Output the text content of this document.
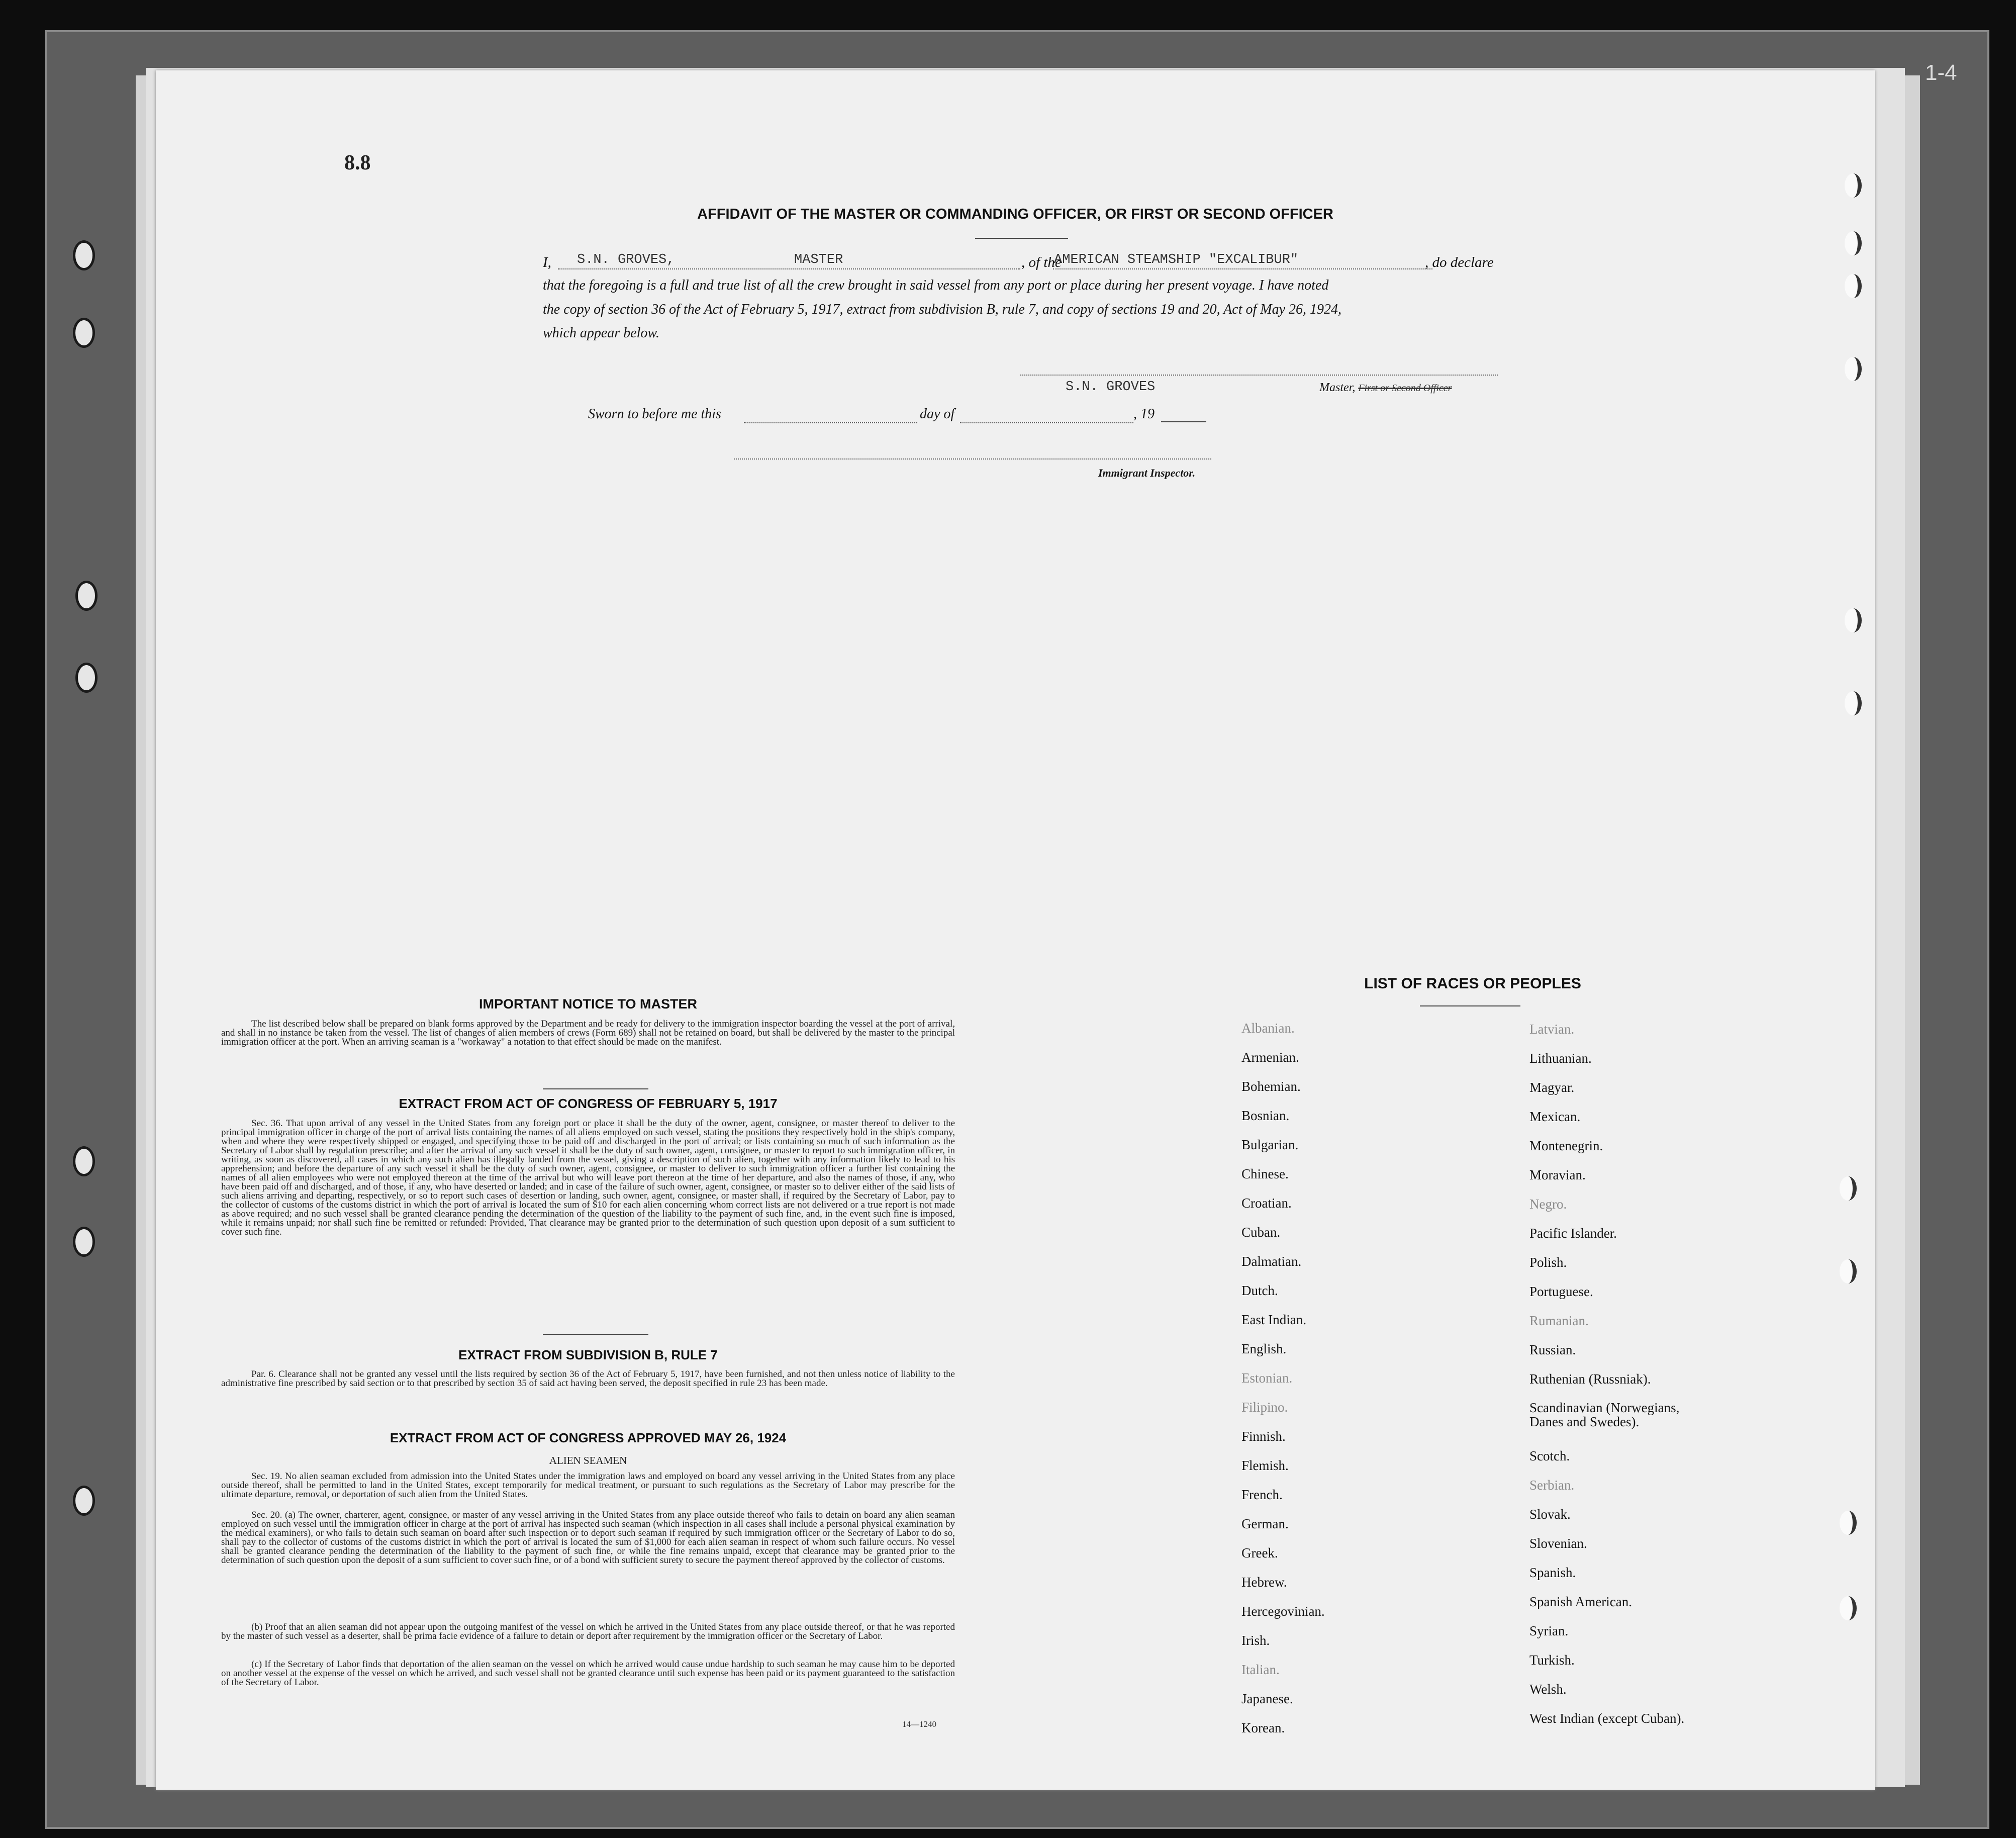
1-4
8.8
AFFIDAVIT OF THE MASTER OR COMMANDING OFFICER, OR FIRST OR SECOND OFFICER
I, S.N. GROVES,	MASTER	, of the
AMERICAN STEAMSHIP "EXCALIBUR"	, do declare
that the foregoing is a full and true list of all the crew brought in said vessel from any port or place during her present voyage. I have noted
the copy of section 36 of the Act of February 5, 1917, extract from subdivision B, rule 7, and copy of sections 19 and 20, Act of May 26, 1924,
which appear below.
S.N. GROVES	Master, First or Second Officer
Sworn to before me this	day of	, 19
Immigrant Inspector.
IMPORTANT NOTICE TO MASTER
The list described below shall be prepared on blank forms approved by the Department and be ready for delivery to the immigration inspector boarding the vessel at the port of arrival, and shall in no instance be taken from the vessel. The list of changes of alien members of crews (Form 689) shall not be retained on board, but shall be delivered by the master to the principal immigration officer at the port. When an arriving seaman is a "workaway" a notation to that effect should be made on the manifest.
EXTRACT FROM ACT OF CONGRESS OF FEBRUARY 5, 1917
Sec. 36. That upon arrival of any vessel in the United States from any foreign port or place it shall be the duty of the owner, agent, consignee, or master thereof to deliver to the principal immigration officer in charge of the port of arrival lists containing the names of all aliens employed on such vessel, stating the positions they respectively hold in the ship's company, when and where they were respectively shipped or engaged, and specifying those to be paid off and discharged in the port of arrival; or lists containing so much of such information as the Secretary of Labor shall by regulation prescribe; and after the arrival of any such vessel it shall be the duty of such owner, agent, consignee, or master to report to such immigration officer, in writing, as soon as discovered, all cases in which any such alien has illegally landed from the vessel, giving a description of such alien, together with any information likely to lead to his apprehension; and before the departure of any such vessel it shall be the duty of such owner, agent, consignee, or master to deliver to such immigration officer a further list containing the names of all alien employees who were not employed thereon at the time of the arrival but who will leave port thereon at the time of her departure, and also the names of those, if any, who have been paid off and discharged, and of those, if any, who have deserted or landed; and in case of the failure of such owner, agent, consignee, or master so to deliver either of the said lists of such aliens arriving and departing, respectively, or so to report such cases of desertion or landing, such owner, agent, consignee, or master shall, if required by the Secretary of Labor, pay to the collector of customs of the customs district in which the port of arrival is located the sum of $10 for each alien concerning whom correct lists are not delivered or a true report is not made as above required; and no such vessel shall be granted clearance pending the determination of the question of the liability to the payment of such fine, and, in the event such fine is imposed, while it remains unpaid; nor shall such fine be remitted or refunded: Provided, That clearance may be granted prior to the determination of such question upon deposit of a sum sufficient to cover such fine.
EXTRACT FROM SUBDIVISION B, RULE 7
Par. 6. Clearance shall not be granted any vessel until the lists required by section 36 of the Act of February 5, 1917, have been furnished, and not then unless notice of liability to the administrative fine prescribed by said section or to that prescribed by section 35 of said act having been served, the deposit specified in rule 23 has been made.
EXTRACT FROM ACT OF CONGRESS APPROVED MAY 26, 1924
ALIEN SEAMEN
Sec. 19. No alien seaman excluded from admission into the United States under the immigration laws and employed on board any vessel arriving in the United States from any place outside thereof, shall be permitted to land in the United States, except temporarily for medical treatment, or pursuant to such regulations as the Secretary of Labor may prescribe for the ultimate departure, removal, or deportation of such alien from the United States.
Sec. 20. (a) The owner, charterer, agent, consignee, or master of any vessel arriving in the United States from any place outside thereof who fails to detain on board any alien seaman employed on such vessel until the immigration officer in charge at the port of arrival has inspected such seaman (which inspection in all cases shall include a personal physical examination by the medical examiners), or who fails to detain such seaman on board after such inspection or to deport such seaman if required by such immigration officer or the Secretary of Labor to do so, shall pay to the collector of customs of the customs district in which the port of arrival is located the sum of $1,000 for each alien seaman in respect of whom such failure occurs. No vessel shall be granted clearance pending the determination of the liability to the payment of such fine, or while the fine remains unpaid, except that clearance may be granted prior to the determination of such question upon the deposit of a sum sufficient to cover such fine, or of a bond with sufficient surety to secure the payment thereof approved by the collector of customs.
(b) Proof that an alien seaman did not appear upon the outgoing manifest of the vessel on which he arrived in the United States from any place outside thereof, or that he was reported by the master of such vessel as a deserter, shall be prima facie evidence of a failure to detain or deport after requirement by the immigration officer or the Secretary of Labor.
(c) If the Secretary of Labor finds that deportation of the alien seaman on the vessel on which he arrived would cause undue hardship to such seaman he may cause him to be deported on another vessel at the expense of the vessel on which he arrived, and such vessel shall not be granted clearance until such expense has been paid or its payment guaranteed to the satisfaction of the Secretary of Labor.
14—1240
LIST OF RACES OR PEOPLES
Albanian.
Armenian.
Bohemian.
Bosnian.
Bulgarian.
Chinese.
Croatian.
Cuban.
Dalmatian.
Dutch.
East Indian.
English.
Estonian.
Filipino.
Finnish.
Flemish.
French.
German.
Greek.
Hebrew.
Hercegovinian.
Irish.
Italian.
Japanese.
Korean.
Latvian.
Lithuanian.
Magyar.
Mexican.
Montenegrin.
Moravian.
Negro.
Pacific Islander.
Polish.
Portuguese.
Rumanian.
Russian.
Ruthenian (Russniak).
Scandinavian (Norwegians,
Danes and Swedes).
Scotch.
Serbian.
Slovak.
Slovenian.
Spanish.
Spanish American.
Syrian.
Turkish.
Welsh.
West Indian (except Cuban).
